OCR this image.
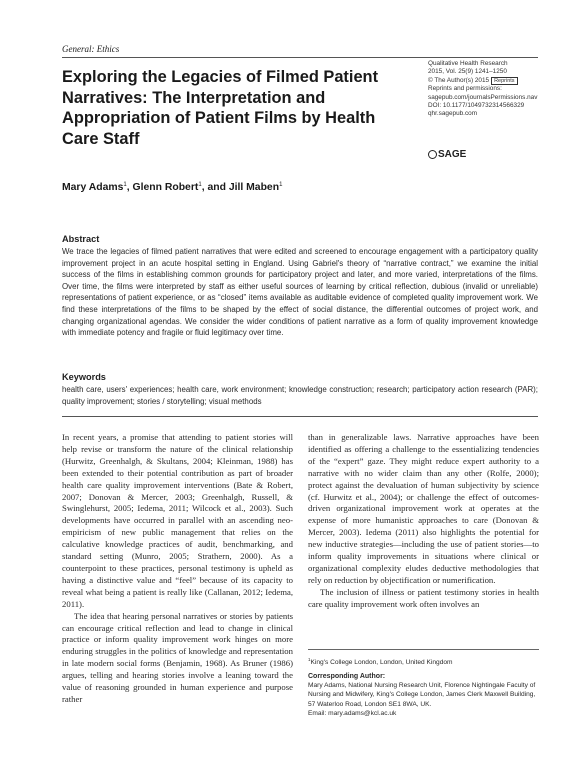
General: Ethics
Exploring the Legacies of Filmed Patient Narratives: The Interpretation and Appropriation of Patient Films by Health Care Staff
Qualitative Health Research
2015, Vol. 25(9) 1241–1250
© The Author(s) 2015 Reprints
Reprints and permissions:
sagepub.com/journalsPermissions.nav
DOI: 10.1177/1049732314566329
qhr.sagepub.com
SAGE
Mary Adams$^1$, Glenn Robert$^1$, and Jill Maben$^1$
Abstract
We trace the legacies of filmed patient narratives that were edited and screened to encourage engagement with a participatory quality improvement project in an acute hospital setting in England. Using Gabriel's theory of “narrative contract,” we examine the initial success of the films in establishing common grounds for participatory project and later, and more varied, interpretations of the films. Over time, the films were interpreted by staff as either useful sources of learning by critical reflection, dubious (invalid or unreliable) representations of patient experience, or as “closed” items available as auditable evidence of completed quality improvement work. We find these interpretations of the films to be shaped by the effect of social distance, the differential outcomes of project work, and changing organizational agendas. We consider the wider conditions of patient narrative as a form of quality improvement knowledge with immediate potency and fragile or fluid legitimacy over time.
Keywords
health care, users' experiences; health care, work environment; knowledge construction; research; participatory action research (PAR); quality improvement; stories / storytelling; visual methods

In recent years, a promise that attending to patient stories will help revise or transform the nature of the clinical relationship (Hurwitz, Greenhalgh, & Skultans, 2004; Kleinman, 1988) has been extended to their potential contribution as part of broader health care quality improvement interventions (Bate & Robert, 2007; Donovan & Mercer, 2003; Greenhalgh, Russell, & Swinglehurst, 2005; Iedema, 2011; Wilcock et al., 2003). Such developments have occurred in parallel with an ascending neo-empiricism of new public management that relies on the calculative knowledge practices of audit, benchmarking, and standard setting (Munro, 2005; Strathern, 2000). As a counterpoint to these practices, personal testimony is upheld as having a distinctive value and “feel” because of its capacity to reveal what being a patient is really like (Callanan, 2012; Iedema, 2011).

The idea that hearing personal narratives or stories by patients can encourage critical reflection and lead to change in clinical practice or inform quality improvement work hinges on more enduring struggles in the politics of knowledge and representation in late modern social forms (Benjamin, 1968). As Bruner (1986) argues, telling and hearing stories involve a leaning toward the value of reasoning grounded in human experience and purpose rather

than in generalizable laws. Narrative approaches have been identified as offering a challenge to the essentializing tendencies of the “expert” gaze. They might reduce expert authority to a narrative with no wider claim than any other (Rolfe, 2000); protect against the devaluation of human subjectivity by science (cf. Hurwitz et al., 2004); or challenge the effect of outcomes-driven organizational improvement work at operates at the expense of more humanistic approaches to care (Donovan & Mercer, 2003). Iedema (2011) also highlights the potential for new inductive strategies—including the use of patient stories—to inform quality improvements in situations where clinical or organizational complexity eludes deductive methodologies that rely on reduction by objectification or numerification.

The inclusion of illness or patient testimony stories in health care quality improvement work often involves an

$^1$King's College London, London, United Kingdom
Corresponding Author:
Mary Adams, National Nursing Research Unit, Florence Nightingale Faculty of Nursing and Midwifery, King's College London, James Clerk Maxwell Building, 57 Waterloo Road, London SE1 8WA, UK.
Email: mary.adams@kcl.ac.uk
